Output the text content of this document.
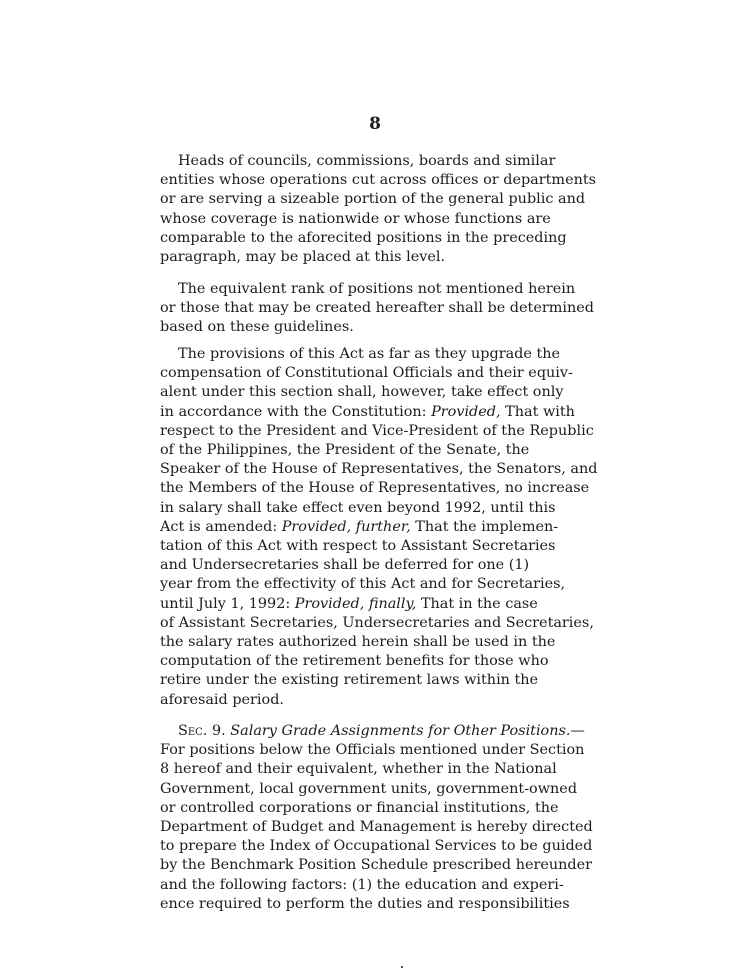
8

Heads of councils, commissions, boards and similar
entities whose operations cut across offices or departments
or are serving a sizeable portion of the general public and
whose coverage is nationwide or whose functions are
comparable to the aforecited positions in the preceding
paragraph, may be placed at this level.

The equivalent rank of positions not mentioned herein
or those that may be created hereafter shall be determined
based on these guidelines.

The provisions of this Act as far as they upgrade the
compensation of Constitutional Officials and their equiv-
alent under this section shall, however, take effect only
in accordance with the Constitution: Provided, That with
respect to the President and Vice-President of the Republic
of the Philippines, the President of the Senate, the
Speaker of the House of Representatives, the Senators, and
the Members of the House of Representatives, no increase
in salary shall take effect even beyond 1992, until this
Act is amended: Provided, further, That the implemen-
tation of this Act with respect to Assistant Secretaries
and Undersecretaries shall be deferred for one (1)
year from the effectivity of this Act and for Secretaries,
until July 1, 1992: Provided, finally, That in the case
of Assistant Secretaries, Undersecretaries and Secretaries,
the salary rates authorized herein shall be used in the
computation of the retirement benefits for those who
retire under the existing retirement laws within the
aforesaid period.

Sec. 9. Salary Grade Assignments for Other Positions.—
For positions below the Officials mentioned under Section
8 hereof and their equivalent, whether in the National
Government, local government units, government-owned
or controlled corporations or financial institutions, the
Department of Budget and Management is hereby directed
to prepare the Index of Occupational Services to be guided
by the Benchmark Position Schedule prescribed hereunder
and the following factors: (1) the education and experi-
ence required to perform the duties and responsibilities
